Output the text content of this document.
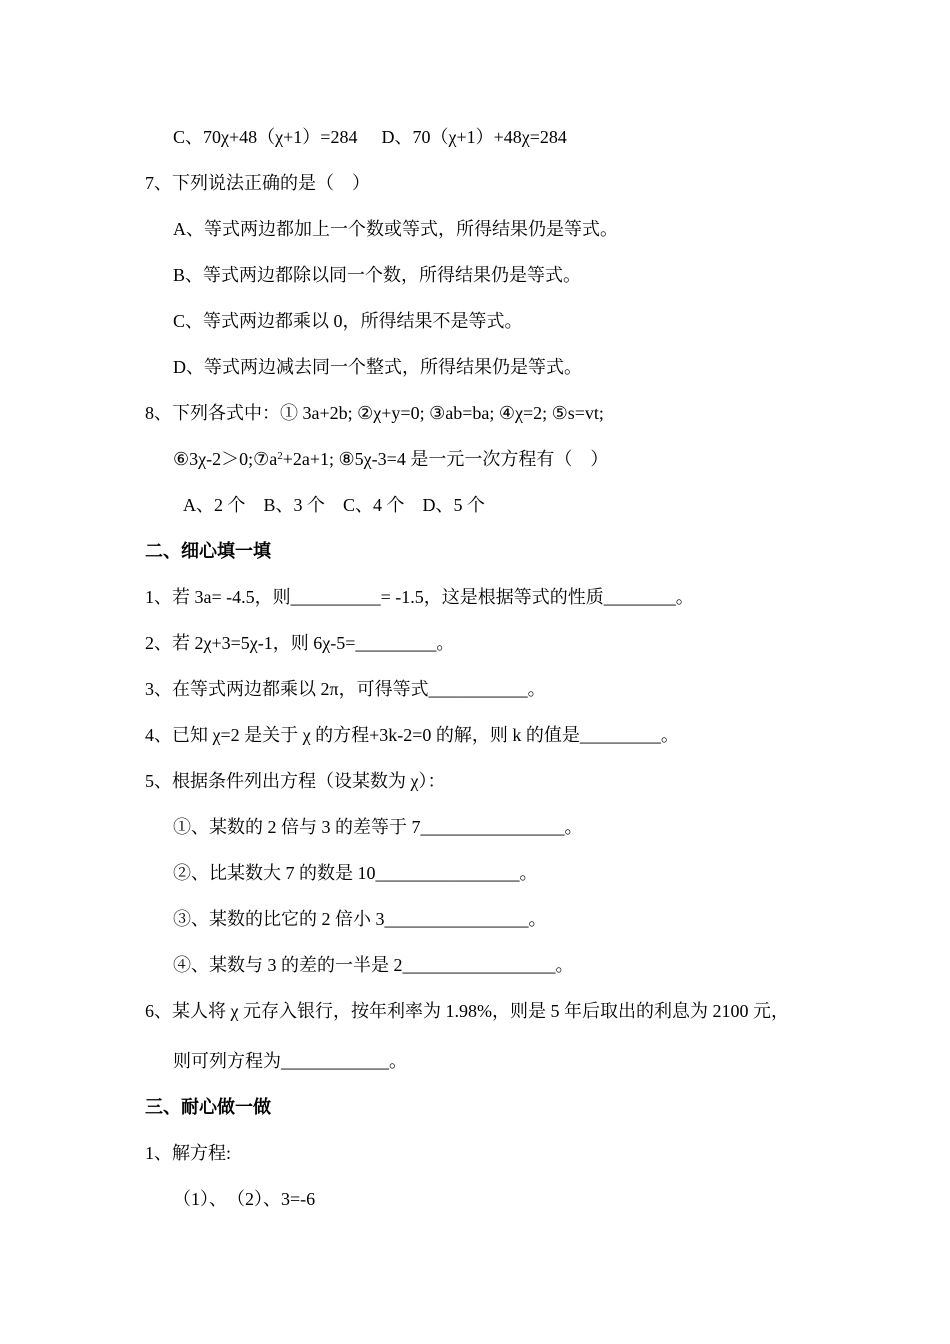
C、70χ+48（χ+1）=284 D、70（χ+1）+48χ=284
7、下列说法正确的是（　）
A、等式两边都加上一个数或等式，所得结果仍是等式。
B、等式两边都除以同一个数，所得结果仍是等式。
C、等式两边都乘以 0，所得结果不是等式。
D、等式两边减去同一个整式，所得结果仍是等式。
8、下列各式中：① 3a+2b; ②χ+y=0; ③ab=ba; ④χ=2; ⑤s=vt;
$⑥3\chi-2>0;⑦a^2+2a+1$; ⑧5χ-3=4 是一元一次方程有（　）
A、2 个　B、3 个　C、4 个　D、5 个
二、细心填一填
1、若 3a= -4.5，则__________= -1.5，这是根据等式的性质________。
2、若 2χ+3=5χ-1，则 6χ-5=_________。
3、在等式两边都乘以 2π，可得等式___________。
4、已知 χ=2 是关于 χ 的方程+3k-2=0 的解，则 k 的值是_________。
5、根据条件列出方程（设某数为 χ）：
①、某数的 2 倍与 3 的差等于 7________________。
②、比某数大 7 的数是 10________________。
③、某数的比它的 2 倍小 3________________。
④、某数与 3 的差的一半是 2_________________。
6、某人将 χ 元存入银行，按年利率为 1.98%，则是 5 年后取出的利息为 2100 元，
则可列方程为____________。
三、耐心做一做
1、解方程:
（1）、　（2）、3=-6
